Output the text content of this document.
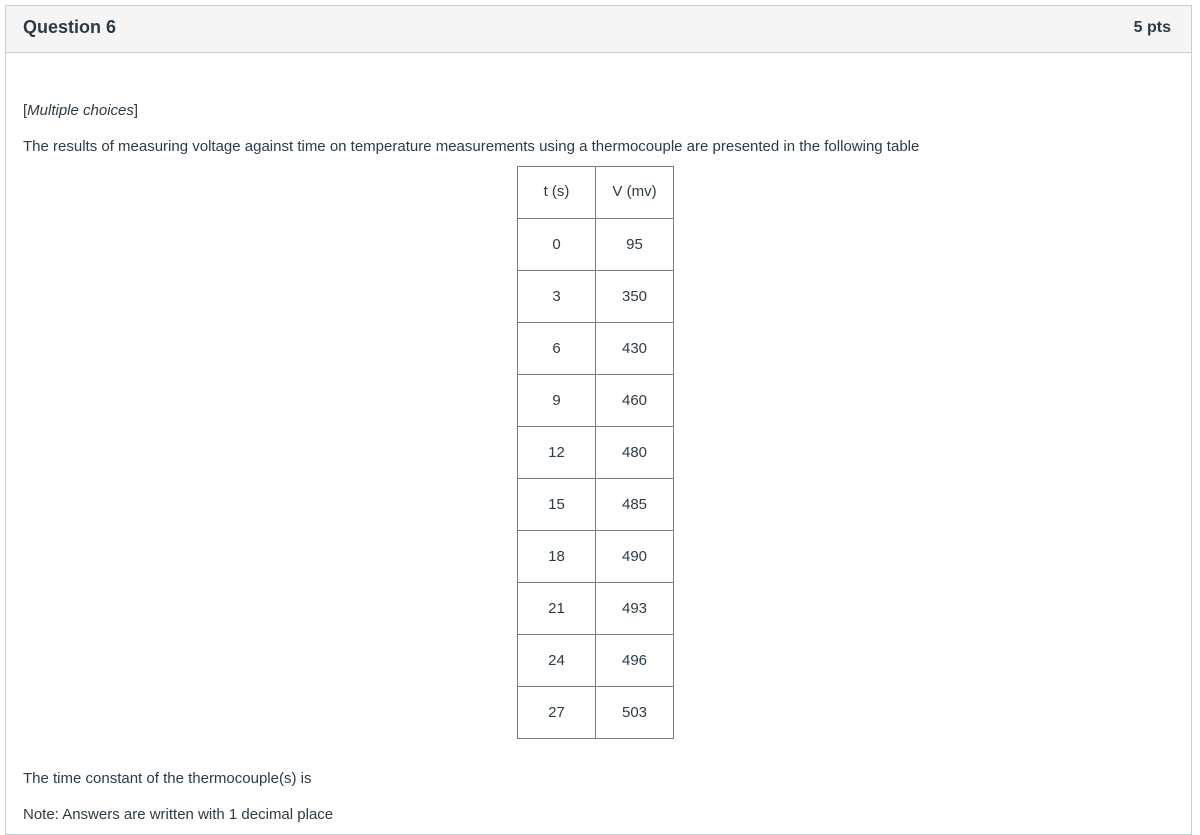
Question 6	5 pts
[Multiple choices]
The results of measuring voltage against time on temperature measurements using a thermocouple are presented in the following table
t (s)	V (mv)
0	95
3	350
6	430
9	460
12	480
15	485
18	490
21	493
24	496
27	503
The time constant of the thermocouple(s) is
Note: Answers are written with 1 decimal place
